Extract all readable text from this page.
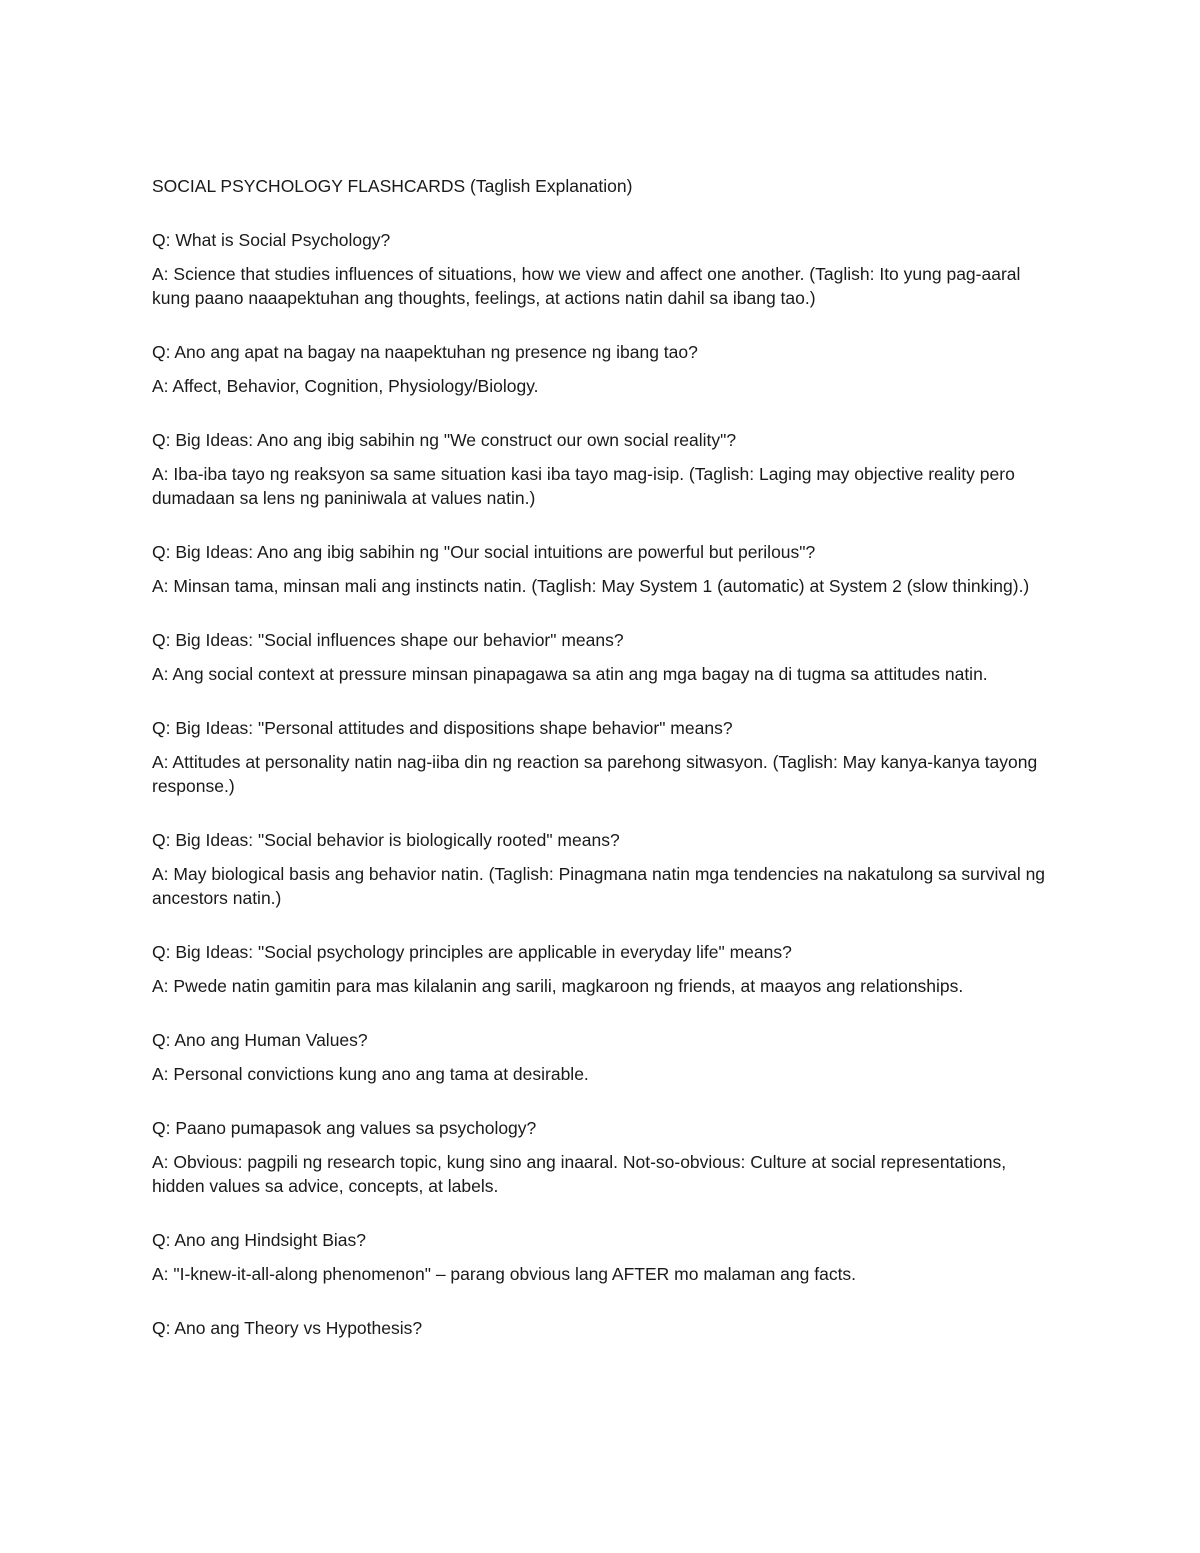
SOCIAL PSYCHOLOGY FLASHCARDS (Taglish Explanation)

Q: What is Social Psychology?

A: Science that studies influences of situations, how we view and affect one another. (Taglish: Ito yung pag-aaral kung paano naaapektuhan ang thoughts, feelings, at actions natin dahil sa ibang tao.)

Q: Ano ang apat na bagay na naapektuhan ng presence ng ibang tao?

A: Affect, Behavior, Cognition, Physiology/Biology.

Q: Big Ideas: Ano ang ibig sabihin ng "We construct our own social reality"?

A: Iba-iba tayo ng reaksyon sa same situation kasi iba tayo mag-isip. (Taglish: Laging may objective reality pero dumadaan sa lens ng paniniwala at values natin.)

Q: Big Ideas: Ano ang ibig sabihin ng "Our social intuitions are powerful but perilous"?

A: Minsan tama, minsan mali ang instincts natin. (Taglish: May System 1 (automatic) at System 2 (slow thinking).)

Q: Big Ideas: "Social influences shape our behavior" means?

A: Ang social context at pressure minsan pinapagawa sa atin ang mga bagay na di tugma sa attitudes natin.

Q: Big Ideas: "Personal attitudes and dispositions shape behavior" means?

A: Attitudes at personality natin nag-iiba din ng reaction sa parehong sitwasyon. (Taglish: May kanya-kanya tayong response.)

Q: Big Ideas: "Social behavior is biologically rooted" means?

A: May biological basis ang behavior natin. (Taglish: Pinagmana natin mga tendencies na nakatulong sa survival ng ancestors natin.)

Q: Big Ideas: "Social psychology principles are applicable in everyday life" means?

A: Pwede natin gamitin para mas kilalanin ang sarili, magkaroon ng friends, at maayos ang relationships.

Q: Ano ang Human Values?

A: Personal convictions kung ano ang tama at desirable.

Q: Paano pumapasok ang values sa psychology?

A: Obvious: pagpili ng research topic, kung sino ang inaaral. Not-so-obvious: Culture at social representations, hidden values sa advice, concepts, at labels.

Q: Ano ang Hindsight Bias?

A: "I-knew-it-all-along phenomenon" – parang obvious lang AFTER mo malaman ang facts.

Q: Ano ang Theory vs Hypothesis?
